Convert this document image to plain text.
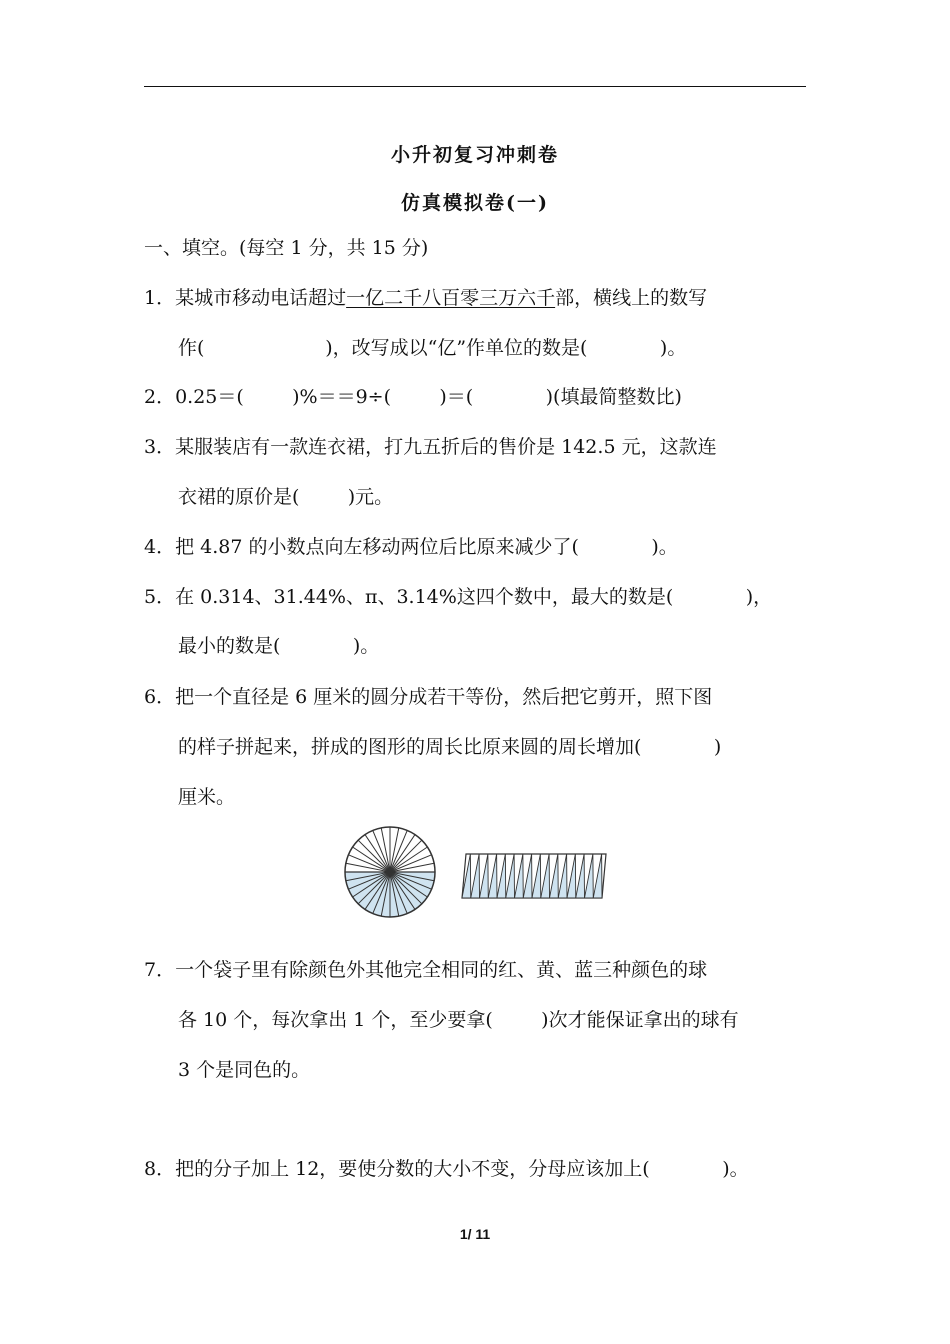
小升初复习冲刺卷
仿真模拟卷(一)
一、填空。(每空 1 分，共 15 分)
1．某城市移动电话超过一亿二千八百零三万六千部，横线上的数写
作(                    )，改写成以“亿”作单位的数是(            )。
2．0.25＝(        )%＝＝9÷(        )＝(            )(填最简整数比)
3．某服装店有一款连衣裙，打九五折后的售价是 142.5 元，这款连
衣裙的原价是(        )元。
4．把 4.87 的小数点向左移动两位后比原来减少了(            )。
5．在 0.314、31.44%、π、3.14%这四个数中，最大的数是(            )，
最小的数是(            )。
6．把一个直径是 6 厘米的圆分成若干等份，然后把它剪开，照下图
的样子拼起来，拼成的图形的周长比原来圆的周长增加(            )
厘米。
7．一个袋子里有除颜色外其他完全相同的红、黄、蓝三种颜色的球
各 10 个，每次拿出 1 个，至少要拿(        )次才能保证拿出的球有
3 个是同色的。
8．把的分子加上 12，要使分数的大小不变，分母应该加上(            )。
1/ 11
